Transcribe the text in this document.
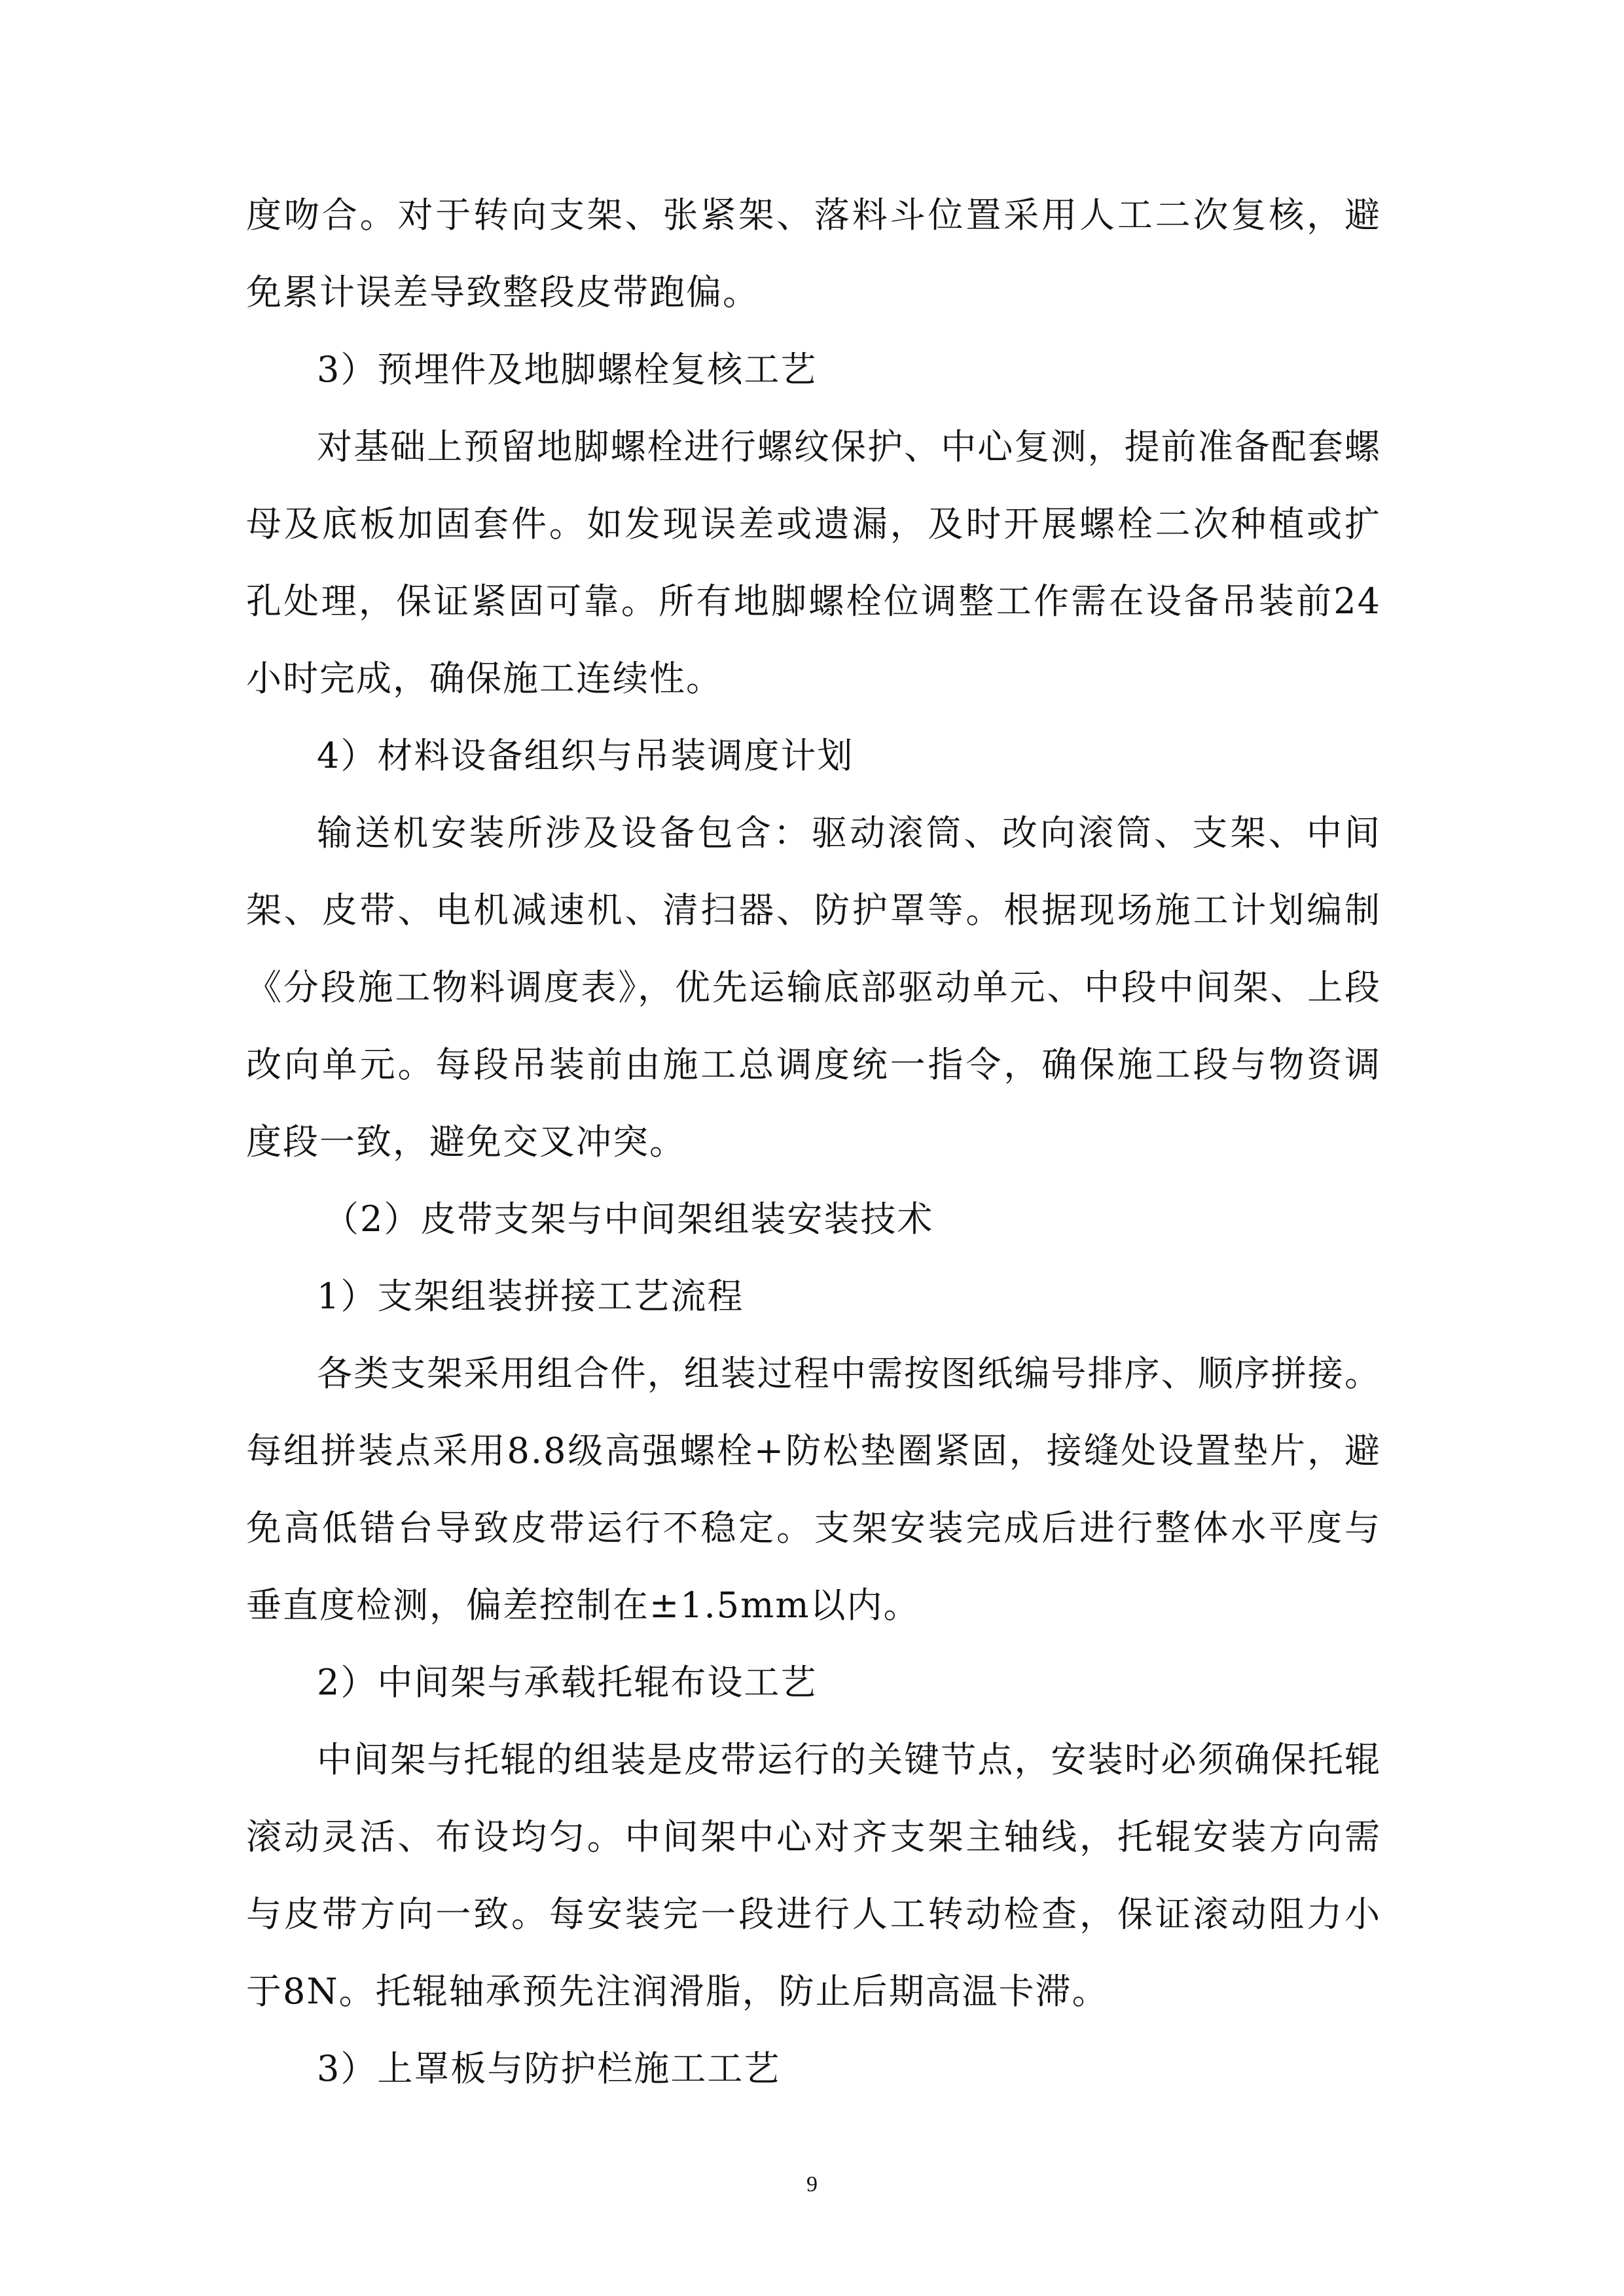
度吻合。对于转向支架、张紧架、落料斗位置采用人工二次复核，避免累计误差导致整段皮带跑偏。

3）预埋件及地脚螺栓复核工艺

对基础上预留地脚螺栓进行螺纹保护、中心复测，提前准备配套螺母及底板加固套件。如发现误差或遗漏，及时开展螺栓二次种植或扩孔处理，保证紧固可靠。所有地脚螺栓位调整工作需在设备吊装前24小时完成，确保施工连续性。

4）材料设备组织与吊装调度计划

输送机安装所涉及设备包含：驱动滚筒、改向滚筒、支架、中间架、皮带、电机减速机、清扫器、防护罩等。根据现场施工计划编制《分段施工物料调度表》，优先运输底部驱动单元、中段中间架、上段改向单元。每段吊装前由施工总调度统一指令，确保施工段与物资调度段一致，避免交叉冲突。

（2）皮带支架与中间架组装安装技术

1）支架组装拼接工艺流程

各类支架采用组合件，组装过程中需按图纸编号排序、顺序拼接。每组拼装点采用8.8级高强螺栓+防松垫圈紧固，接缝处设置垫片，避免高低错台导致皮带运行不稳定。支架安装完成后进行整体水平度与垂直度检测，偏差控制在±1.5mm以内。

2）中间架与承载托辊布设工艺

中间架与托辊的组装是皮带运行的关键节点，安装时必须确保托辊滚动灵活、布设均匀。中间架中心对齐支架主轴线，托辊安装方向需与皮带方向一致。每安装完一段进行人工转动检查，保证滚动阻力小于8N。托辊轴承预先注润滑脂，防止后期高温卡滞。

3）上罩板与防护栏施工工艺

9
